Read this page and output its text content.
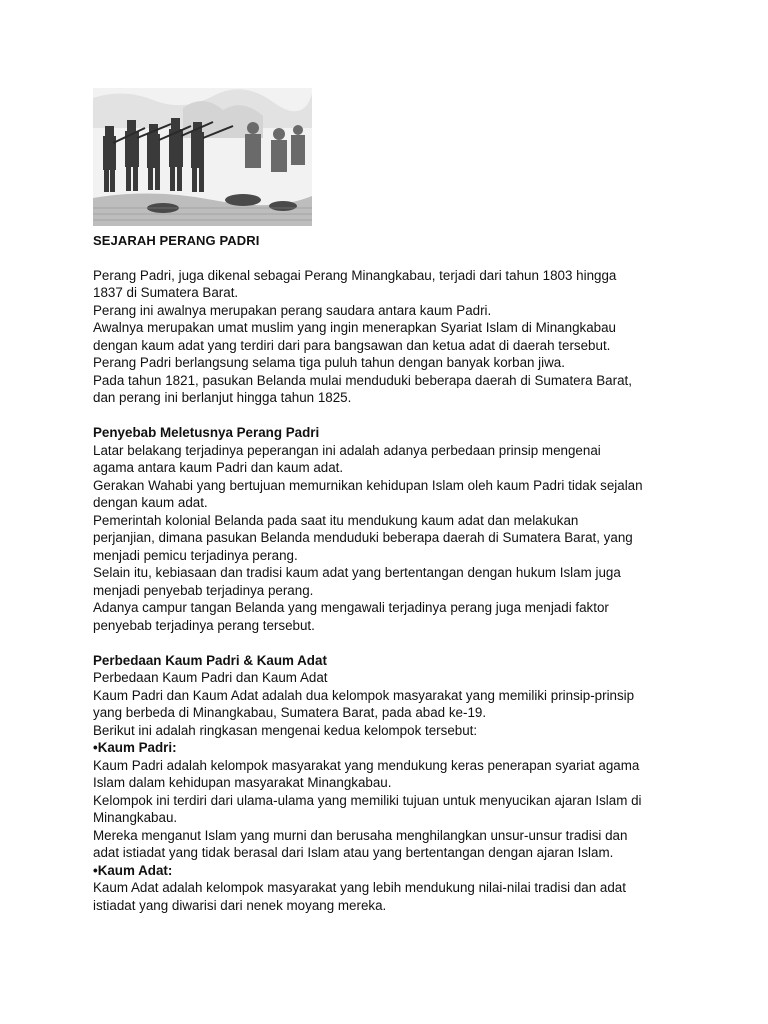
SEJARAH PERANG PADRI

Perang Padri, juga dikenal sebagai Perang Minangkabau, terjadi dari tahun 1803 hingga
1837 di Sumatera Barat.

Perang ini awalnya merupakan perang saudara antara kaum Padri.

Awalnya merupakan umat muslim yang ingin menerapkan Syariat Islam di Minangkabau
dengan kaum adat yang terdiri dari para bangsawan dan ketua adat di daerah tersebut.

Perang Padri berlangsung selama tiga puluh tahun dengan banyak korban jiwa.

Pada tahun 1821, pasukan Belanda mulai menduduki beberapa daerah di Sumatera Barat,
dan perang ini berlanjut hingga tahun 1825.

Penyebab Meletusnya Perang Padri

Latar belakang terjadinya peperangan ini adalah adanya perbedaan prinsip mengenai
agama antara kaum Padri dan kaum adat.

Gerakan Wahabi yang bertujuan memurnikan kehidupan Islam oleh kaum Padri tidak sejalan
dengan kaum adat.

Pemerintah kolonial Belanda pada saat itu mendukung kaum adat dan melakukan
perjanjian, dimana pasukan Belanda menduduki beberapa daerah di Sumatera Barat, yang
menjadi pemicu terjadinya perang.

Selain itu, kebiasaan dan tradisi kaum adat yang bertentangan dengan hukum Islam juga
menjadi penyebab terjadinya perang.

Adanya campur tangan Belanda yang mengawali terjadinya perang juga menjadi faktor
penyebab terjadinya perang tersebut.

Perbedaan Kaum Padri & Kaum Adat

Perbedaan Kaum Padri dan Kaum Adat

Kaum Padri dan Kaum Adat adalah dua kelompok masyarakat yang memiliki prinsip-prinsip
yang berbeda di Minangkabau, Sumatera Barat, pada abad ke-19.

Berikut ini adalah ringkasan mengenai kedua kelompok tersebut:

•Kaum Padri:

Kaum Padri adalah kelompok masyarakat yang mendukung keras penerapan syariat agama
Islam dalam kehidupan masyarakat Minangkabau.

Kelompok ini terdiri dari ulama-ulama yang memiliki tujuan untuk menyucikan ajaran Islam di
Minangkabau.

Mereka menganut Islam yang murni dan berusaha menghilangkan unsur-unsur tradisi dan
adat istiadat yang tidak berasal dari Islam atau yang bertentangan dengan ajaran Islam.

•Kaum Adat:

Kaum Adat adalah kelompok masyarakat yang lebih mendukung nilai-nilai tradisi dan adat
istiadat yang diwarisi dari nenek moyang mereka.
